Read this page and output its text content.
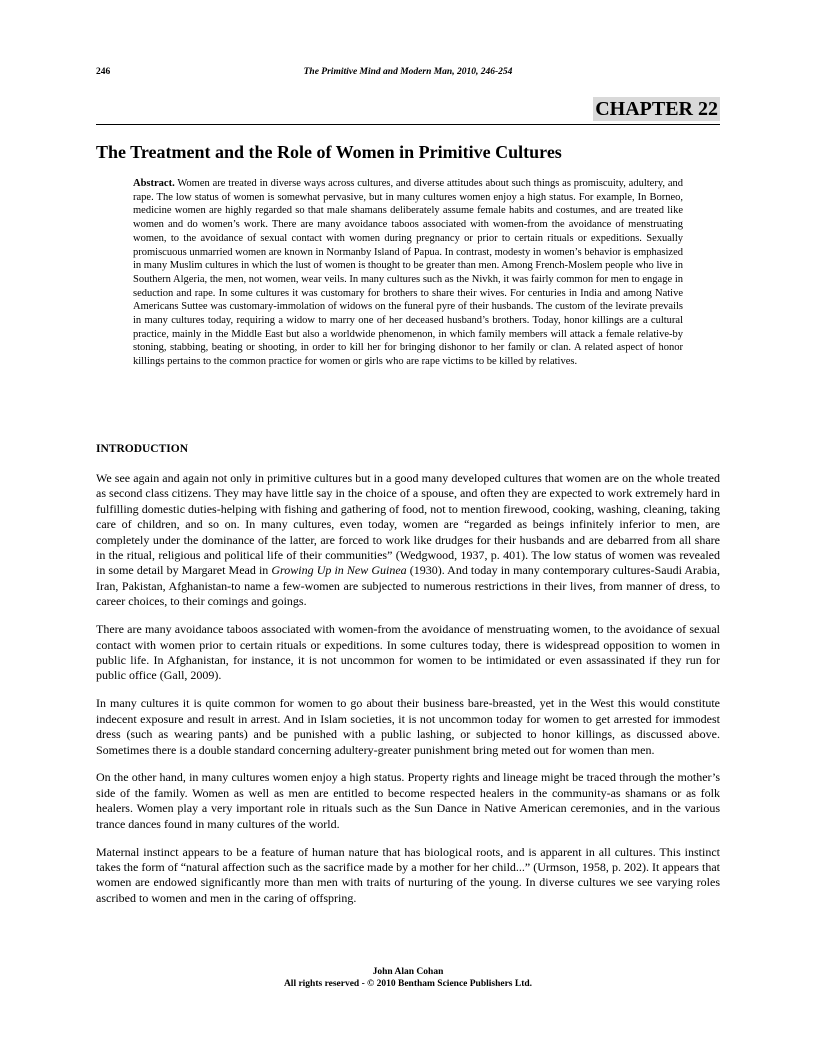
246	The Primitive Mind and Modern Man, 2010, 246-254
CHAPTER 22
The Treatment and the Role of Women in Primitive Cultures

Abstract. Women are treated in diverse ways across cultures, and diverse attitudes about such things as promiscuity, adultery, and rape. The low status of women is somewhat pervasive, but in many cultures women enjoy a high status. For example, In Borneo, medicine women are highly regarded so that male shamans deliberately assume female habits and costumes, and are treated like women and do women’s work. There are many avoidance taboos associated with women-from the avoidance of menstruating women, to the avoidance of sexual contact with women during pregnancy or prior to certain rituals or expeditions. Sexually promiscuous unmarried women are known in Normanby Island of Papua. In contrast, modesty in women’s behavior is emphasized in many Muslim cultures in which the lust of women is thought to be greater than men. Among French-Moslem people who live in Southern Algeria, the men, not women, wear veils. In many cultures such as the Nivkh, it was fairly common for men to engage in seduction and rape. In some cultures it was customary for brothers to share their wives. For centuries in India and among Native Americans Suttee was customary-immolation of widows on the funeral pyre of their husbands. The custom of the levirate prevails in many cultures today, requiring a widow to marry one of her deceased husband’s brothers. Today, honor killings are a cultural practice, mainly in the Middle East but also a worldwide phenomenon, in which family members will attack a female relative-by stoning, stabbing, beating or shooting, in order to kill her for bringing dishonor to her family or clan. A related aspect of honor killings pertains to the common practice for women or girls who are rape victims to be killed by relatives.

INTRODUCTION

We see again and again not only in primitive cultures but in a good many developed cultures that women are on the whole treated as second class citizens. They may have little say in the choice of a spouse, and often they are expected to work extremely hard in fulfilling domestic duties-helping with fishing and gathering of food, not to mention firewood, cooking, washing, cleaning, taking care of children, and so on. In many cultures, even today, women are “regarded as beings infinitely inferior to men, are completely under the dominance of the latter, are forced to work like drudges for their husbands and are debarred from all share in the ritual, religious and political life of their communities” (Wedgwood, 1937, p. 401). The low status of women was revealed in some detail by Margaret Mead in Growing Up in New Guinea (1930). And today in many contemporary cultures-Saudi Arabia, Iran, Pakistan, Afghanistan-to name a few-women are subjected to numerous restrictions in their lives, from manner of dress, to career choices, to their comings and goings.

There are many avoidance taboos associated with women-from the avoidance of menstruating women, to the avoidance of sexual contact with women prior to certain rituals or expeditions. In some cultures today, there is widespread opposition to women in public life. In Afghanistan, for instance, it is not uncommon for women to be intimidated or even assassinated if they run for public office (Gall, 2009).

In many cultures it is quite common for women to go about their business bare-breasted, yet in the West this would constitute indecent exposure and result in arrest. And in Islam societies, it is not uncommon today for women to get arrested for immodest dress (such as wearing pants) and be punished with a public lashing, or subjected to honor killings, as discussed above. Sometimes there is a double standard concerning adultery-greater punishment bring meted out for women than men.

On the other hand, in many cultures women enjoy a high status. Property rights and lineage might be traced through the mother’s side of the family. Women as well as men are entitled to become respected healers in the community-as shamans or as folk healers. Women play a very important role in rituals such as the Sun Dance in Native American ceremonies, and in the various trance dances found in many cultures of the world.

Maternal instinct appears to be a feature of human nature that has biological roots, and is apparent in all cultures. This instinct takes the form of “natural affection such as the sacrifice made by a mother for her child...” (Urmson, 1958, p. 202). It appears that women are endowed significantly more than men with traits of nurturing of the young. In diverse cultures we see varying roles ascribed to women and men in the caring of offspring.

John Alan Cohan
All rights reserved - © 2010 Bentham Science Publishers Ltd.
